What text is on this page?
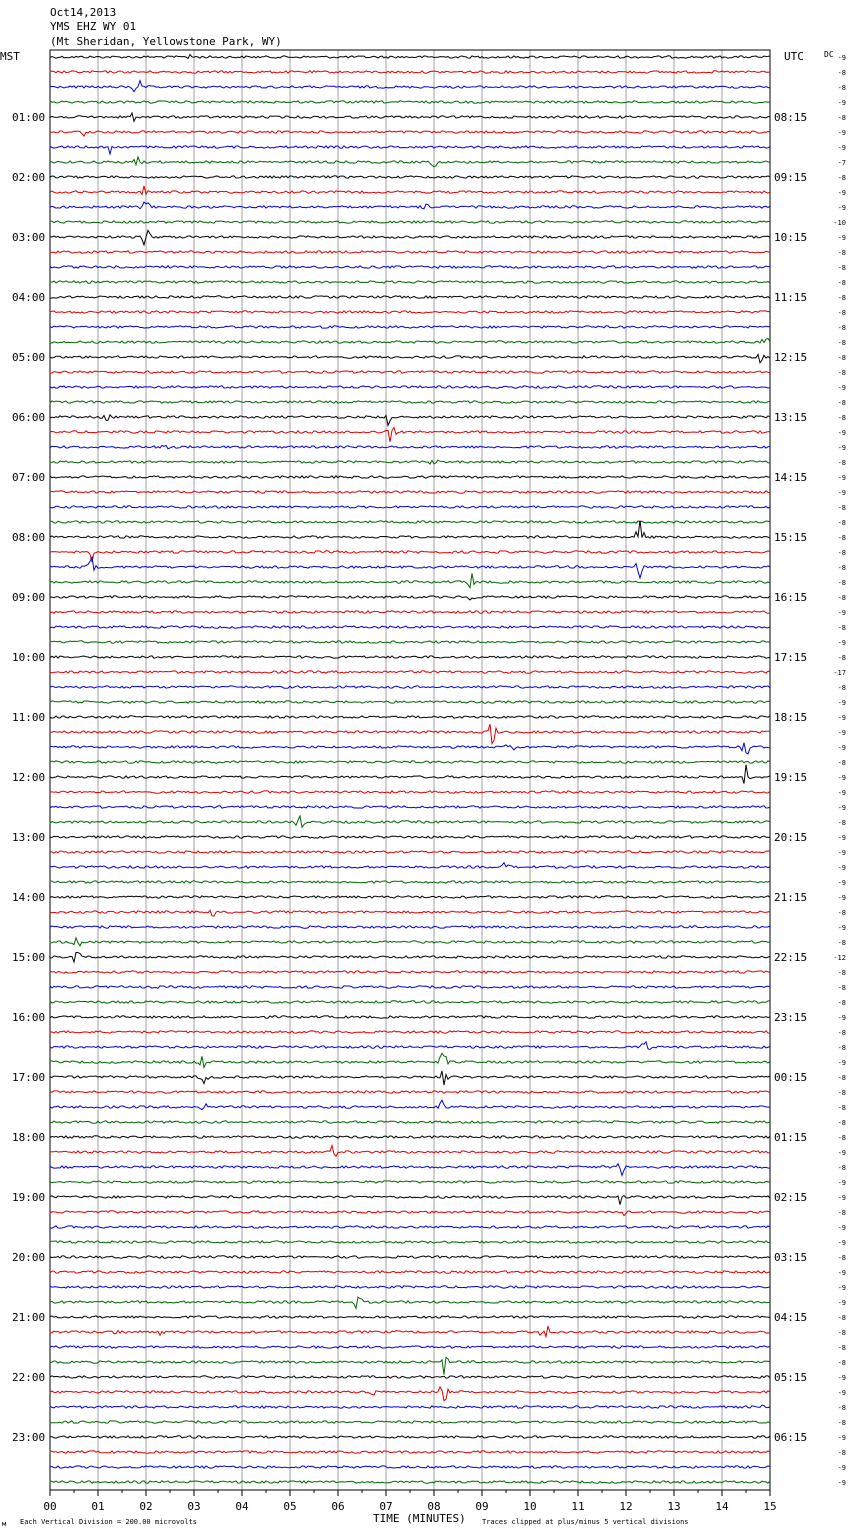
Oct14,2013
YMS EHZ WY 01
(Mt Sheridan, Yellowstone Park, WY)
MST	UTC	DC
01:00
02:00
03:00
04:00
05:00
06:00
07:00
08:00
09:00
10:00
11:00
12:00
13:00
14:00
15:00
16:00
17:00
18:00
19:00
20:00
21:00
22:00
23:00
08:15
09:15
10:15
11:15
12:15
13:15
14:15
15:15
16:15
17:15
18:15
19:15
20:15
21:15
22:15
23:15
00:15
01:15
02:15
03:15
04:15
05:15
06:15
-9
-8
-8
-9
-8
-9
-9
-7
-8
-9
-9
-10
-9
-8
-8
-8
-8
-8
-8
-8
-8
-8
-9
-8
-8
-9
-9
-8
-9
-9
-8
-8
-8
-8
-8
-8
-8
-9
-8
-9
-8
-17
-8
-9
-9
-9
-9
-8
-9
-9
-9
-8
-9
-9
-9
-9
-9
-8
-9
-8
-12
-8
-8
-8
-9
-8
-8
-9
-8
-8
-8
-8
-8
-9
-8
-9
-9
-8
-9
-9
-8
-9
-9
-9
-8
-8
-8
-8
-9
-9
-8
-8
-9
-8
-9
-9
00	01	02	03	04	05	06	07	08	09	10	11	12	13	14	15
TIME (MINUTES)
Each Vertical Division = 200.00 microvolts	Traces clipped at plus/minus 5 vertical divisions
м
